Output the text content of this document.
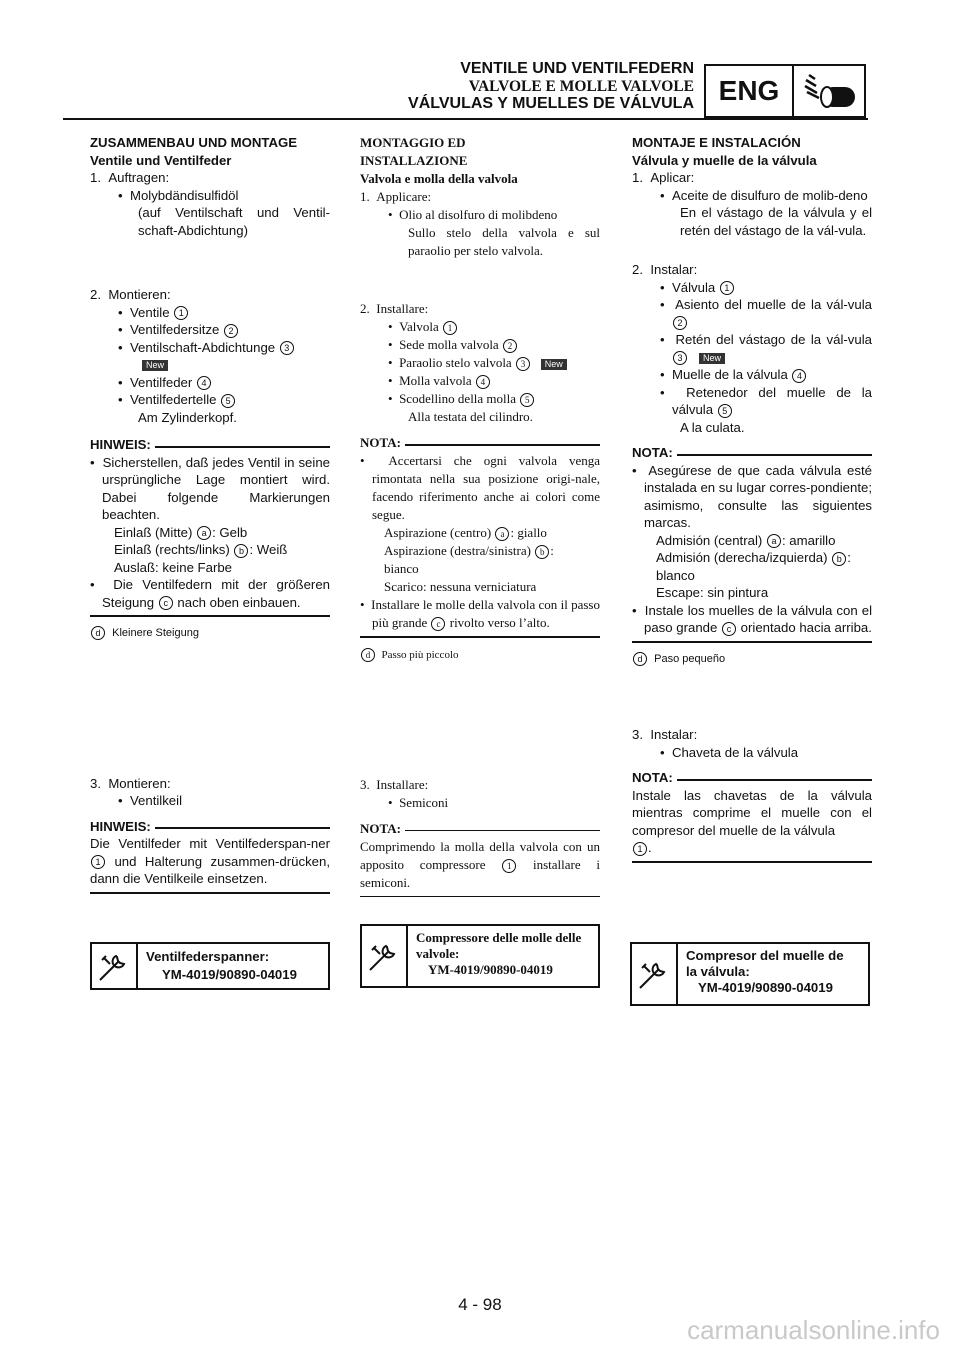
VENTILE UND VENTILFEDERN
VALVOLE E MOLLE VALVOLE
VÁLVULAS Y MUELLES DE VÁLVULA ENG
ZUSAMMENBAU UND MONTAGE
Ventile und Ventilfeder
1.  Auftragen:
•  Molybdändisulfidöl
(auf Ventilschaft und Ventil-schaft-Abdichtung)
2.  Montieren:
•  Ventile 1
•  Ventilfedersitze 2
•  Ventilschaft-Abdichtunge 3
New
•  Ventilfeder 4
•  Ventilfedertelle 5
Am Zylinderkopf.
HINWEIS:
•  Sicherstellen, daß jedes Ventil in seine ursprüngliche Lage montiert wird. Dabei folgende Markierungen beachten.
Einlaß (Mitte) a : Gelb
Einlaß (rechts/links) b : Weiß
Auslaß: keine Farbe
•  Die Ventilfedern mit der größeren Steigung c nach oben einbauen.
d Kleinere Steigung
3.  Montieren:
•  Ventilkeil
HINWEIS:
Die Ventilfeder mit Ventilfederspan-ner 1 und Halterung zusammen-drücken, dann die Ventilkeile einsetzen.
MONTAGGIO ED INSTALLAZIONE
Valvola e molla della valvola
1.  Applicare:
•  Olio al disolfuro di molibdeno
Sullo stelo della valvola e sul paraolio per stelo valvola.
2.  Installare:
•  Valvola 1
•  Sede molla valvola 2
•  Paraolio stelo valvola 3 New
•  Molla valvola 4
•  Scodellino della molla 5
Alla testata del cilindro.
NOTA:
•  Accertarsi che ogni valvola venga rimontata nella sua posizione origi-nale, facendo riferimento anche ai colori come segue.
Aspirazione (centro) a : giallo
Aspirazione (destra/sinistra) b :
bianco
Scarico: nessuna verniciatura
•  Installare le molle della valvola con il passo più grande c rivolto verso l’alto.
d Passo più piccolo
3.  Installare:
•  Semiconi
NOTA:
Comprimendo la molla della valvola con un apposito compressore 1 installare i semiconi.
MONTAJE E INSTALACIÓN
Válvula y muelle de la válvula
1.  Aplicar:
•  Aceite de disulfuro de molib-deno
En el vástago de la válvula y el retén del vástago de la vál-vula.
2.  Instalar:
•  Válvula 1
•  Asiento del muelle de la vál-vula 2
•  Retén del vástago de la vál-vula 3 New
•  Muelle de la válvula 4
•  Retenedor del muelle de la válvula 5
A la culata.
NOTA:
•  Asegúrese de que cada válvula esté instalada en su lugar corres-pondiente; asimismo, consulte las siguientes marcas.
Admisión (central) a : amarillo
Admisión (derecha/izquierda) b :
blanco
Escape: sin pintura
•  Instale los muelles de la válvula con el paso grande c orientado hacia arriba.
d Paso pequeño
3.  Instalar:
•  Chaveta de la válvula
NOTA:
Instale las chavetas de la válvula mientras comprime el muelle con el compresor del muelle de la válvula
1 .
Ventilfederspanner:
YM-4019/90890-04019
Compressore delle molle delle valvole:
YM-4019/90890-04019
Compresor del muelle de la válvula:
YM-4019/90890-04019
4 - 98
carmanualsonline.info
